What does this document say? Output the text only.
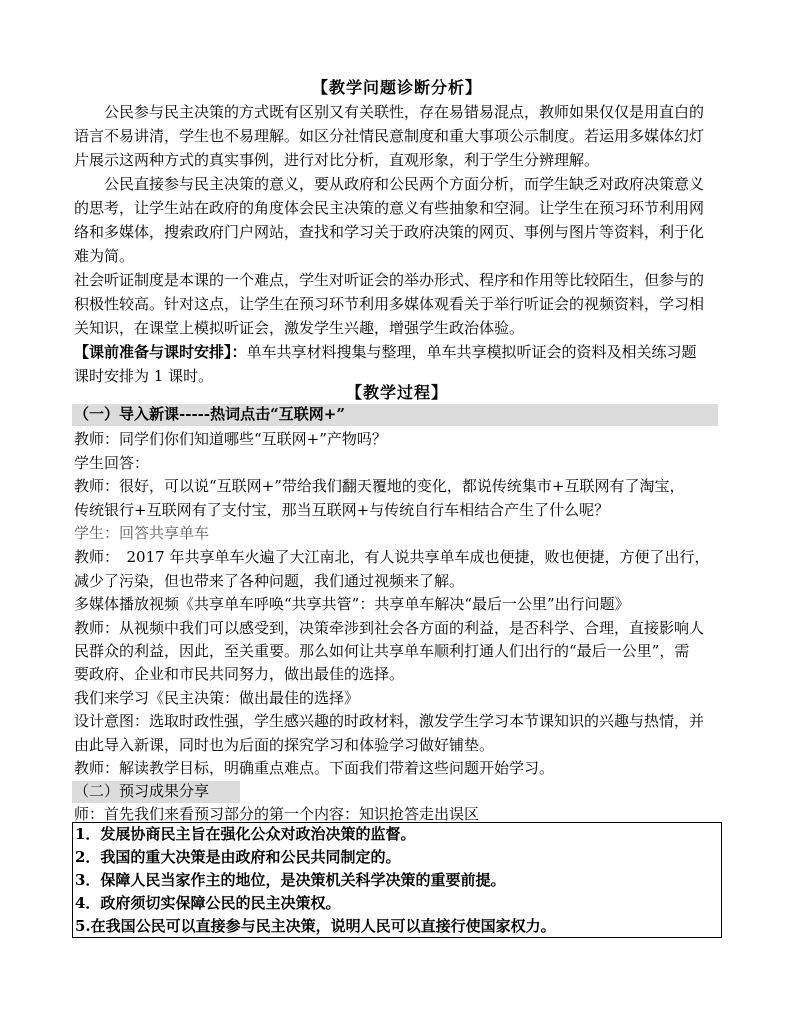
【教学问题诊断分析】
　　公民参与民主决策的方式既有区别又有关联性，存在易错易混点，教师如果仅仅是用直白的
语言不易讲清，学生也不易理解。如区分社情民意制度和重大事项公示制度。若运用多媒体幻灯
片展示这两种方式的真实事例，进行对比分析，直观形象，利于学生分辨理解。
　　公民直接参与民主决策的意义，要从政府和公民两个方面分析，而学生缺乏对政府决策意义
的思考，让学生站在政府的角度体会民主决策的意义有些抽象和空洞。让学生在预习环节利用网
络和多媒体，搜索政府门户网站，查找和学习关于政府决策的网页、事例与图片等资料，利于化
难为简。
社会听证制度是本课的一个难点，学生对听证会的举办形式、程序和作用等比较陌生，但参与的
积极性较高。针对这点，让学生在预习环节利用多媒体观看关于举行听证会的视频资料，学习相
关知识，在课堂上模拟听证会，激发学生兴趣，增强学生政治体验。
【课前准备与课时安排】：单车共享材料搜集与整理，单车共享模拟听证会的资料及相关练习题
课时安排为 1 课时。
【教学过程】
（一）导入新课-----热词点击“互联网+”
教师：同学们你们知道哪些“互联网+”产物吗？
学生回答：
教师：很好，可以说“互联网+”带给我们翻天覆地的变化，都说传统集市+互联网有了淘宝，
传统银行+互联网有了支付宝，那当互联网+与传统自行车相结合产生了什么呢？
学生：回答共享单车
教师：　2017 年共享单车火遍了大江南北，有人说共享单车成也便捷，败也便捷，方便了出行，
减少了污染，但也带来了各种问题，我们通过视频来了解。
多媒体播放视频《共享单车呼唤“共享共管”：共享单车解决“最后一公里”出行问题》
教师：从视频中我们可以感受到，决策牵涉到社会各方面的利益，是否科学、合理，直接影响人
民群众的利益，因此，至关重要。那么如何让共享单车顺利打通人们出行的“最后一公里”，需
要政府、企业和市民共同努力，做出最佳的选择。
我们来学习《民主决策：做出最佳的选择》
设计意图：选取时政性强，学生感兴趣的时政材料，激发学生学习本节课知识的兴趣与热情，并
由此导入新课，同时也为后面的探究学习和体验学习做好铺垫。
教师：解读教学目标，明确重点难点。下面我们带着这些问题开始学习。
（二）预习成果分享
师：首先我们来看预习部分的第一个内容：知识抢答走出误区
1．发展协商民主旨在强化公众对政治决策的监督。
2．我国的重大决策是由政府和公民共同制定的。
3．保障人民当家作主的地位，是决策机关科学决策的重要前提。
4．政府须切实保障公民的民主决策权。
5.在我国公民可以直接参与民主决策，说明人民可以直接行使国家权力。
